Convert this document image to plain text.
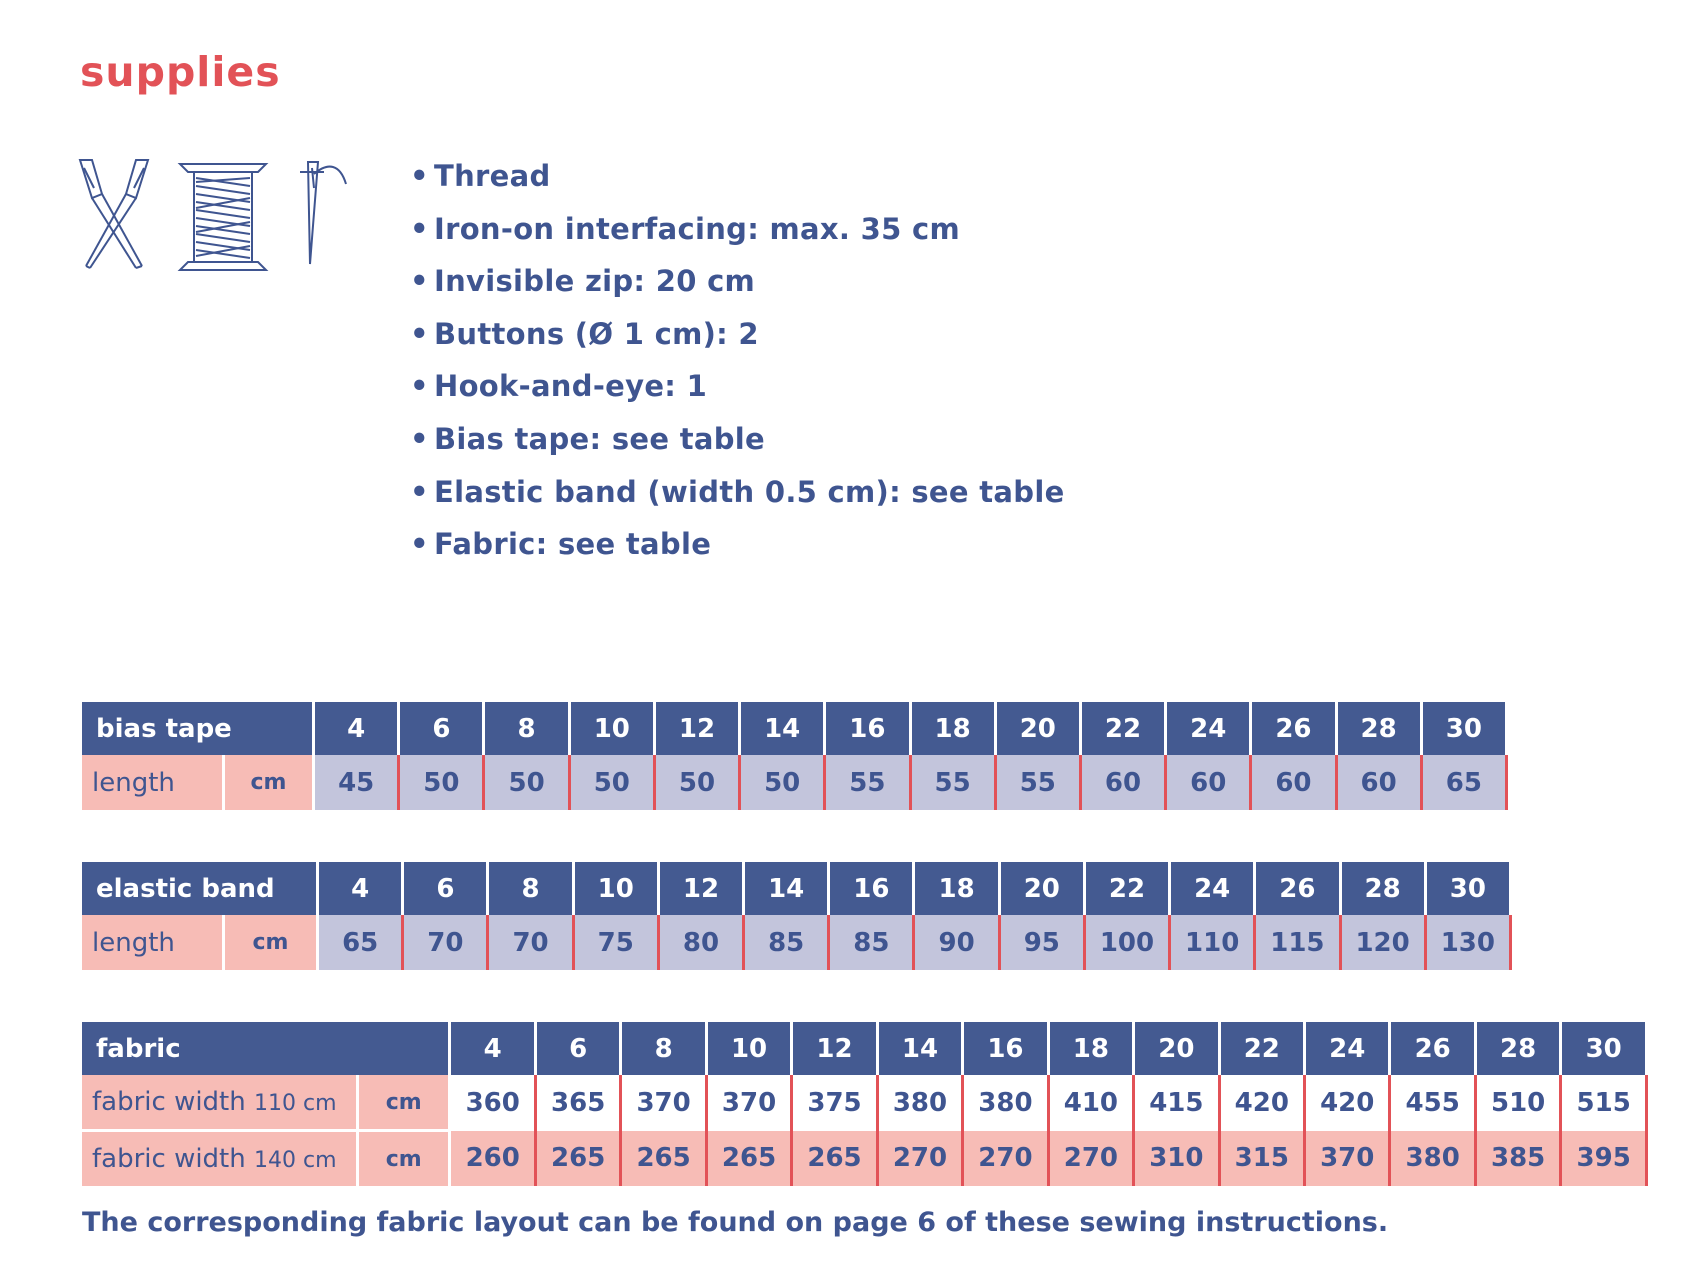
supplies
• Thread
• Iron-on interfacing: max. 35 cm
• Invisible zip: 20 cm
• Buttons (Ø 1 cm): 2
• Hook-and-eye: 1
• Bias tape: see table
• Elastic band (width 0.5 cm): see table
• Fabric: see table
bias tape		4	6	8	10	12	14	16	18	20	22	24	26	28	30
length	cm	45	50	50	50	50	50	55	55	55	60	60	60	60	65
elastic band		4	6	8	10	12	14	16	18	20	22	24	26	28	30
length	cm	65	70	70	75	80	85	85	90	95	100	110	115	120	130
fabric		4	6	8	10	12	14	16	18	20	22	24	26	28	30
fabric width 110 cm	cm	360	365	370	370	375	380	380	410	415	420	420	455	510	515
fabric width 140 cm	cm	260	265	265	265	265	270	270	270	310	315	370	380	385	395

The corresponding fabric layout can be found on page 6 of these sewing instructions.
